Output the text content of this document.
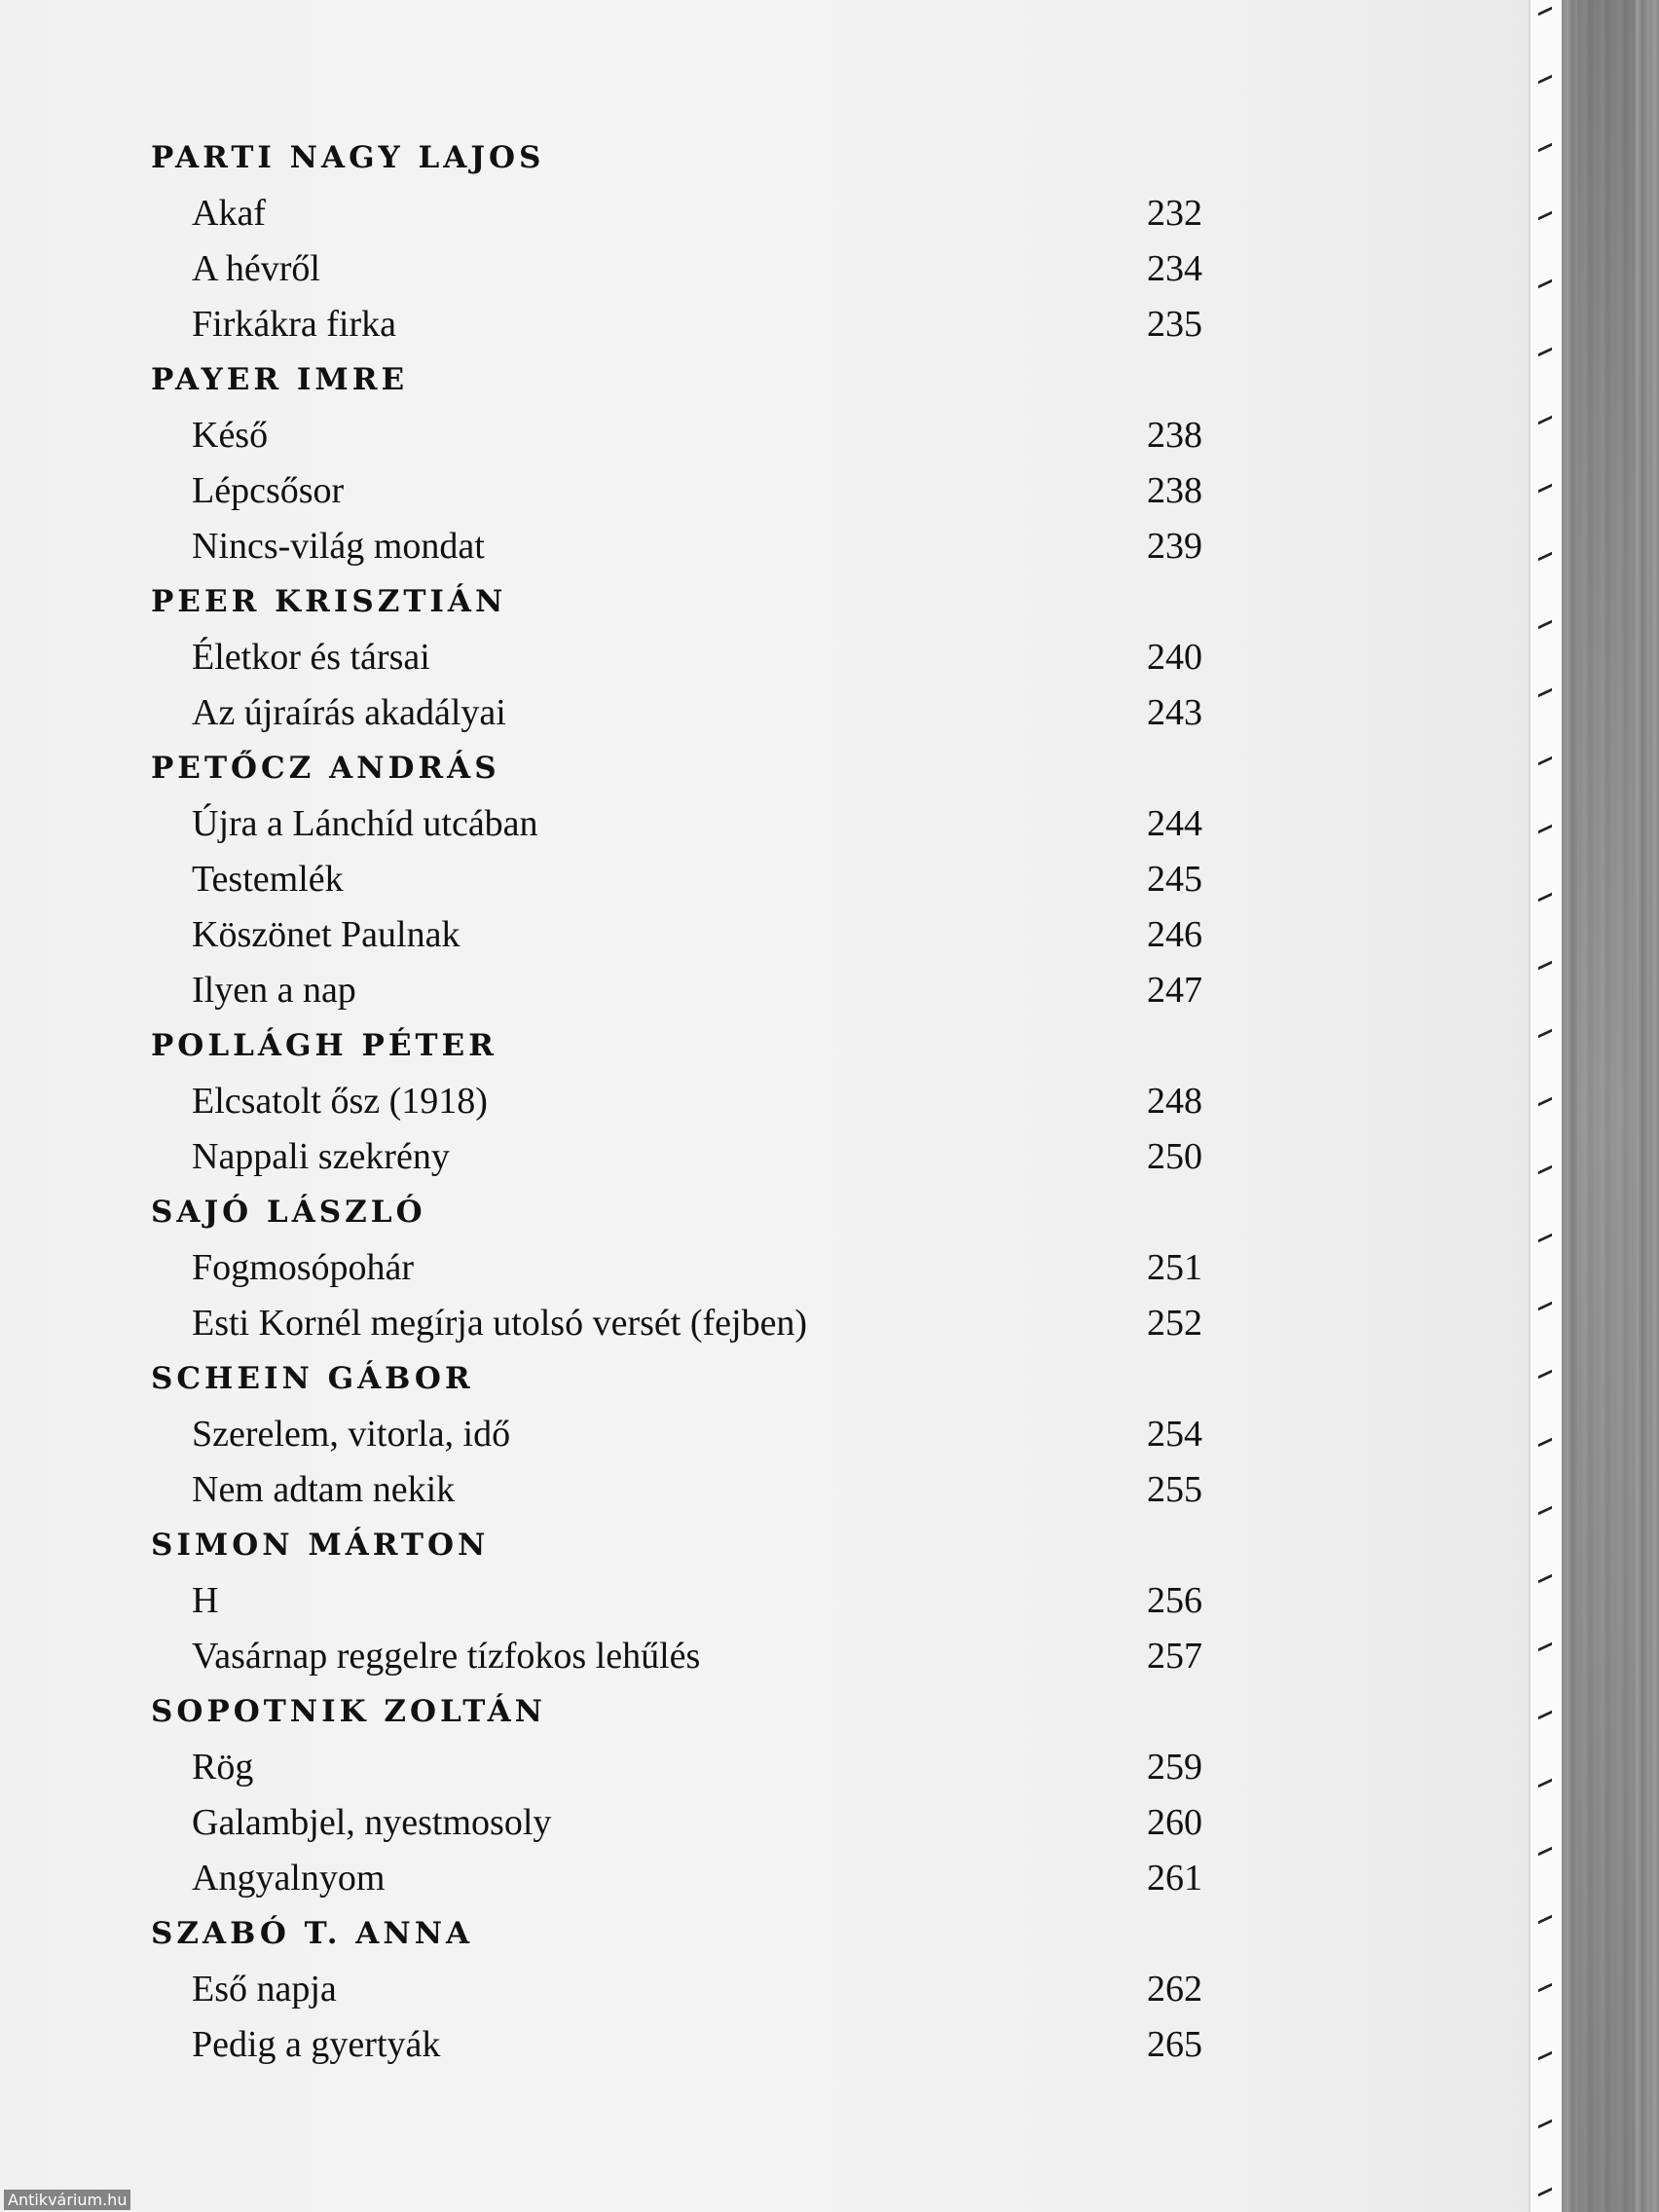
PARTI NAGY LAJOS
Akaf	232
A hévről	234
Firkákra firka	235
PAYER IMRE
Késő	238
Lépcsősor	238
Nincs-világ mondat	239
PEER KRISZTIÁN
Életkor és társai	240
Az újraírás akadályai	243
PETŐCZ ANDRÁS
Újra a Lánchíd utcában	244
Testemlék	245
Köszönet Paulnak	246
Ilyen a nap	247
POLLÁGH PÉTER
Elcsatolt ősz (1918)	248
Nappali szekrény	250
SAJÓ LÁSZLÓ
Fogmosópohár	251
Esti Kornél megírja utolsó versét (fejben)	252
SCHEIN GÁBOR
Szerelem, vitorla, idő	254
Nem adtam nekik	255
SIMON MÁRTON
H	256
Vasárnap reggelre tízfokos lehűlés	257
SOPOTNIK ZOLTÁN
Rög	259
Galambjel, nyestmosoly	260
Angyalnyom	261
SZABÓ T. ANNA
Eső napja	262
Pedig a gyertyák	265
Antikvárium.hu
